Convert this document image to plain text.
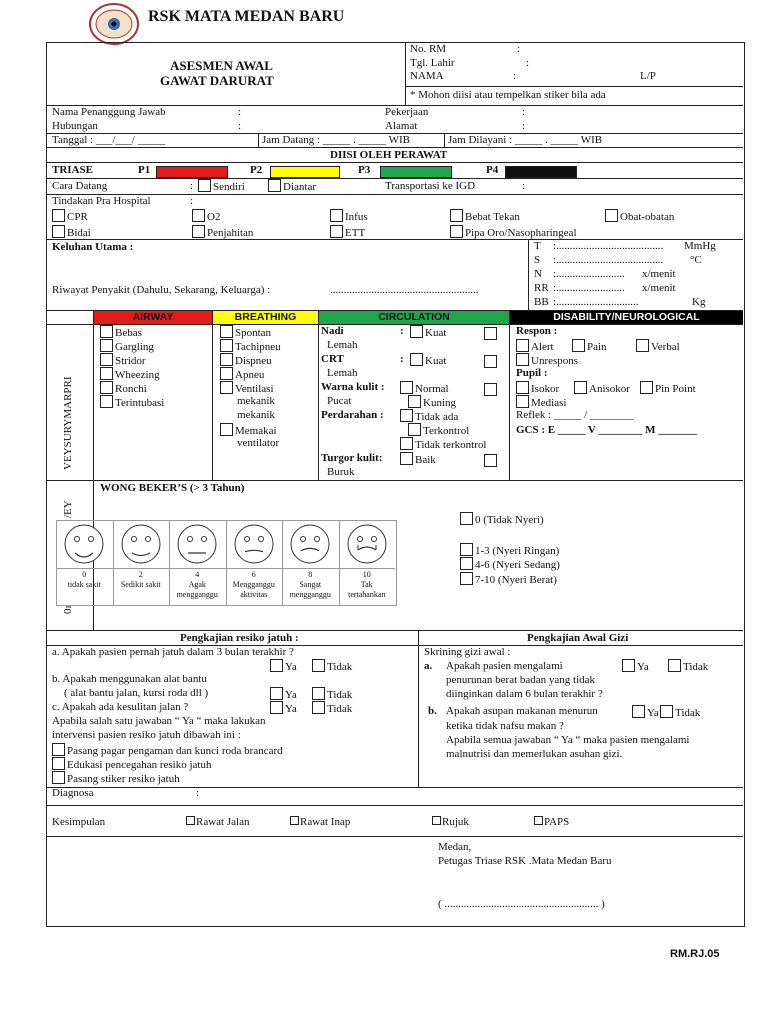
RSK MATA MEDAN BARU
ASESMEN AWAL
GAWAT DARURAT
No. RM	:
Tgl. Lahir	:
NAMA	:	L/P
* Mohon diisi atau tempelkan stiker bila ada
Nama Penanggung Jawab	:	Pekerjaan	:
Hubungan	:	Alamat	:
Tanggal : ___/___/ _____	Jam Datang : _____ . _____ WIB	Jam Dilayani : _____ . _____ WIB
DIISI OLEH PERAWAT
TRIASE	P1	P2	P3	P4
Cara Datang	:	Sendiri	Diantar	Transportasi ke IGD	:
Tindakan Pra Hospital	:
CPR	O2	Infus	Bebat Tekan	Obat-obatan
Bidai	Penjahitan	ETT	Pipa Oro/Nasopharingeal
Keluhan Utama :
Riwayat Penyakit (Dahulu, Sekarang, Keluarga) :	......................................................
T :....................................... MmHg
S :....................................... °C
N :......................... x/menit
RR :......................... x/menit
BB :..............................	Kg
VEYSURYMARPRI
AIRWAY	BREATHING	CIRCULATION	DISABILITY/NEUROLOGICAL
Bebas
Gargling
Stridor
Wheezing
Ronchi
Terintubasi
Spontan
Tachipneu
Dispneu
Apneu
Ventilasi
mekanik
mekanik
Memakai
ventilator
Nadi	:	Kuat
Lemah
CRT	:	Kuat
Lemah
Warna kulit :	Normal
Pucat	Kuning
Perdarahan :	Tidak ada
Terkontrol
Tidak terkontrol
Turgor kulit:	Baik
Buruk
Respon :
Alert	Pain	Verbal
Unrespons
Pupil :
Isokor	Anisokor	Pin Point
Mediasi
Reflek : _____ / ________
GCS : E _____ V ________ M _______
/EY
0ı
WONG BEKER’S (> 3 Tahun)
0
tidak sakit
2
Sedikit sakit
4
Agak
mengganggu
6
Mengganggu
aktivitas
8
Sangat
mengganggu
10
Tak
tertahankan
0 (Tidak Nyeri)
1-3 (Nyeri Ringan)
4-6 (Nyeri Sedang)
7-10 (Nyeri Berat)
Pengkajian resiko jatuh :	Pengkajian Awal Gizi
a. Apakah pasien pernah jatuh dalam 3 bulan terakhir ?
Ya	Tidak
b. Apakah menggunakan alat bantu
( alat bantu jalan, kursi roda dll )	Ya	Tidak
c. Apakah ada kesulitan jalan ?	Ya	Tidak
Apabila salah satu jawaban “ Ya “ maka lakukan
intervensi pasien resiko jatuh dibawah ini :
Pasang pagar pengaman dan kunci roda brancard
Edukasi pencegahan resiko jatuh
Pasang stiker resiko jatuh
Skrining gizi awal :
a. Apakah pasien mengalami	Ya	Tidak
penurunan berat badan yang tidak
diinginkan dalam 6 bulan terakhir ?
b. Apakah asupan makanan menurun	Ya	Tidak
ketika tidak nafsu makan ?
Apabila semua jawaban “ Ya “ maka pasien mengalami
malnutrisi dan memerlukan asuhan gizi.
Diagnosa	:
Kesimpulan	Rawat Jalan	Rawat Inap	Rujuk	PAPS
Medan,
Petugas Triase RSK .Mata Medan Baru
( ........................................................ )
RM.RJ.05
